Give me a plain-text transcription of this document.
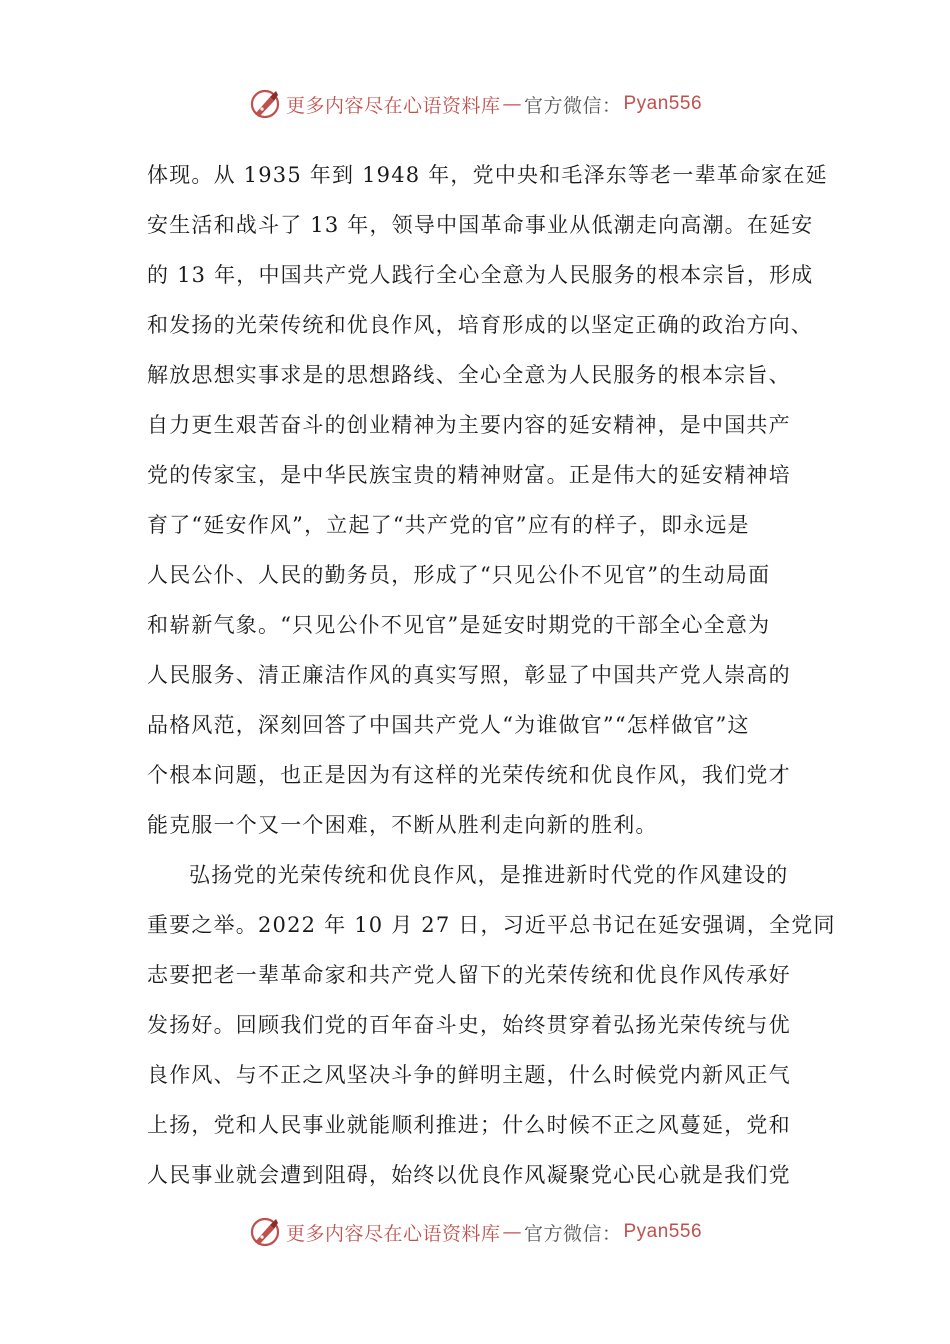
更多内容尽在心语资料库 — 官方微信： Pyan556
体现。从 1935 年到 1948 年，党中央和毛泽东等老一辈革命家在延
安生活和战斗了 13 年，领导中国革命事业从低潮走向高潮。在延安
的 13 年，中国共产党人践行全心全意为人民服务的根本宗旨，形成
和发扬的光荣传统和优良作风，培育形成的以坚定正确的政治方向、
解放思想实事求是的思想路线、全心全意为人民服务的根本宗旨、
自力更生艰苦奋斗的创业精神为主要内容的延安精神，是中国共产
党的传家宝，是中华民族宝贵的精神财富。正是伟大的延安精神培
育了“延安作风”，立起了“共产党的官”应有的样子，即永远是
人民公仆、人民的勤务员，形成了“只见公仆不见官”的生动局面
和崭新气象。“只见公仆不见官”是延安时期党的干部全心全意为
人民服务、清正廉洁作风的真实写照，彰显了中国共产党人崇高的
品格风范，深刻回答了中国共产党人“为谁做官”“怎样做官”这
个根本问题，也正是因为有这样的光荣传统和优良作风，我们党才
能克服一个又一个困难，不断从胜利走向新的胜利。
弘扬党的光荣传统和优良作风，是推进新时代党的作风建设的
重要之举。2022 年 10 月 27 日，习近平总书记在延安强调，全党同
志要把老一辈革命家和共产党人留下的光荣传统和优良作风传承好
发扬好。回顾我们党的百年奋斗史，始终贯穿着弘扬光荣传统与优
良作风、与不正之风坚决斗争的鲜明主题，什么时候党内新风正气
上扬，党和人民事业就能顺利推进；什么时候不正之风蔓延，党和
人民事业就会遭到阻碍，始终以优良作风凝聚党心民心就是我们党
更多内容尽在心语资料库 — 官方微信： Pyan556
